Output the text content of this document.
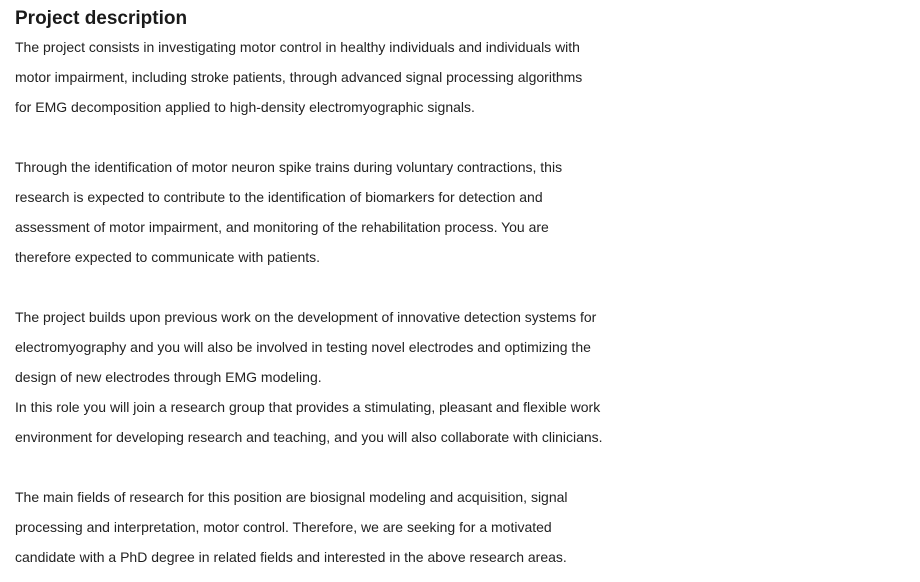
Project description
The project consists in investigating motor control in healthy individuals and individuals with
motor impairment, including stroke patients, through advanced signal processing algorithms
for EMG decomposition applied to high-density electromyographic signals.
Through the identification of motor neuron spike trains during voluntary contractions, this
research is expected to contribute to the identification of biomarkers for detection and
assessment of motor impairment, and monitoring of the rehabilitation process. You are
therefore expected to communicate with patients.
The project builds upon previous work on the development of innovative detection systems for
electromyography and you will also be involved in testing novel electrodes and optimizing the
design of new electrodes through EMG modeling.
In this role you will join a research group that provides a stimulating, pleasant and flexible work
environment for developing research and teaching, and you will also collaborate with clinicians.
The main fields of research for this position are biosignal modeling and acquisition, signal
processing and interpretation, motor control. Therefore, we are seeking for a motivated
candidate with a PhD degree in related fields and interested in the above research areas.
